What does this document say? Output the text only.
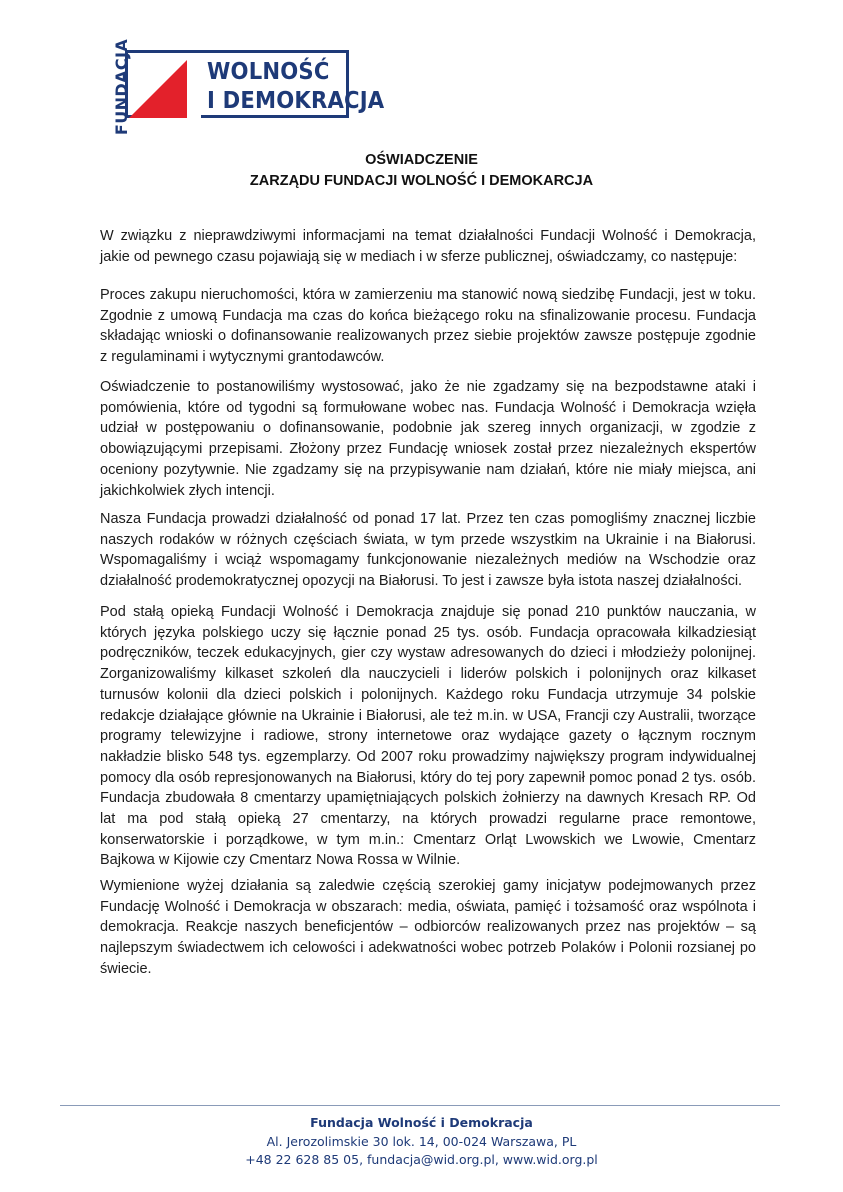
FUNDACJA	WOLNOŚĆ
I DEMOKRACJA
OŚWIADCZENIE
ZARZĄDU FUNDACJI WOLNOŚĆ I DEMOKARCJA

W związku z nieprawdziwymi informacjami na temat działalności Fundacji Wolność i Demokracja, jakie od pewnego czasu pojawiają się w mediach i w sferze publicznej, oświadczamy, co następuje:

Proces zakupu nieruchomości, która w zamierzeniu ma stanowić nową siedzibę Fundacji, jest w toku. Zgodnie z umową Fundacja ma czas do końca bieżącego roku na sfinalizowanie procesu. Fundacja składając wnioski o dofinansowanie realizowanych przez siebie projektów zawsze postępuje zgodnie z regulaminami i wytycznymi grantodawców.

Oświadczenie to postanowiliśmy wystosować, jako że nie zgadzamy się na bezpodstawne ataki i pomówienia, które od tygodni są formułowane wobec nas. Fundacja Wolność i Demokracja wzięła udział w postępowaniu o dofinansowanie, podobnie jak szereg innych organizacji, w zgodzie z obowiązującymi przepisami. Złożony przez Fundację wniosek został przez niezależnych ekspertów oceniony pozytywnie. Nie zgadzamy się na przypisywanie nam działań, które nie miały miejsca, ani jakichkolwiek złych intencji.

Nasza Fundacja prowadzi działalność od ponad 17 lat. Przez ten czas pomogliśmy znacznej liczbie naszych rodaków w różnych częściach świata, w tym przede wszystkim na Ukrainie i na Białorusi. Wspomagaliśmy i wciąż wspomagamy funkcjonowanie niezależnych mediów na Wschodzie oraz działalność prodemokratycznej opozycji na Białorusi. To jest i zawsze była istota naszej działalności.

Pod stałą opieką Fundacji Wolność i Demokracja znajduje się ponad 210 punktów nauczania, w których języka polskiego uczy się łącznie ponad 25 tys. osób. Fundacja opracowała kilkadziesiąt podręczników, teczek edukacyjnych, gier czy wystaw adresowanych do dzieci i młodzieży polonijnej. Zorganizowaliśmy kilkaset szkoleń dla nauczycieli i liderów polskich i polonijnych oraz kilkaset turnusów kolonii dla dzieci polskich i polonijnych. Każdego roku Fundacja utrzymuje 34 polskie redakcje działające głównie na Ukrainie i Białorusi, ale też m.in. w USA, Francji czy Australii, tworzące programy telewizyjne i radiowe, strony internetowe oraz wydające gazety o łącznym rocznym nakładzie blisko 548 tys. egzemplarzy. Od 2007 roku prowadzimy największy program indywidualnej pomocy dla osób represjonowanych na Białorusi, który do tej pory zapewnił pomoc ponad 2 tys. osób. Fundacja zbudowała 8 cmentarzy upamiętniających polskich żołnierzy na dawnych Kresach RP. Od lat ma pod stałą opieką 27 cmentarzy, na których prowadzi regularne prace remontowe, konserwatorskie i porządkowe, w tym m.in.: Cmentarz Orląt Lwowskich we Lwowie, Cmentarz Bajkowa w Kijowie czy Cmentarz Nowa Rossa w Wilnie.

Wymienione wyżej działania są zaledwie częścią szerokiej gamy inicjatyw podejmowanych przez Fundację Wolność i Demokracja w obszarach: media, oświata, pamięć i tożsamość oraz wspólnota i demokracja. Reakcje naszych beneficjentów – odbiorców realizowanych przez nas projektów – są najlepszym świadectwem ich celowości i adekwatności wobec potrzeb Polaków i Polonii rozsianej po świecie.

Fundacja Wolność i Demokracja
Al. Jerozolimskie 30 lok. 14, 00-024 Warszawa, PL
+48 22 628 85 05, fundacja@wid.org.pl, www.wid.org.pl
